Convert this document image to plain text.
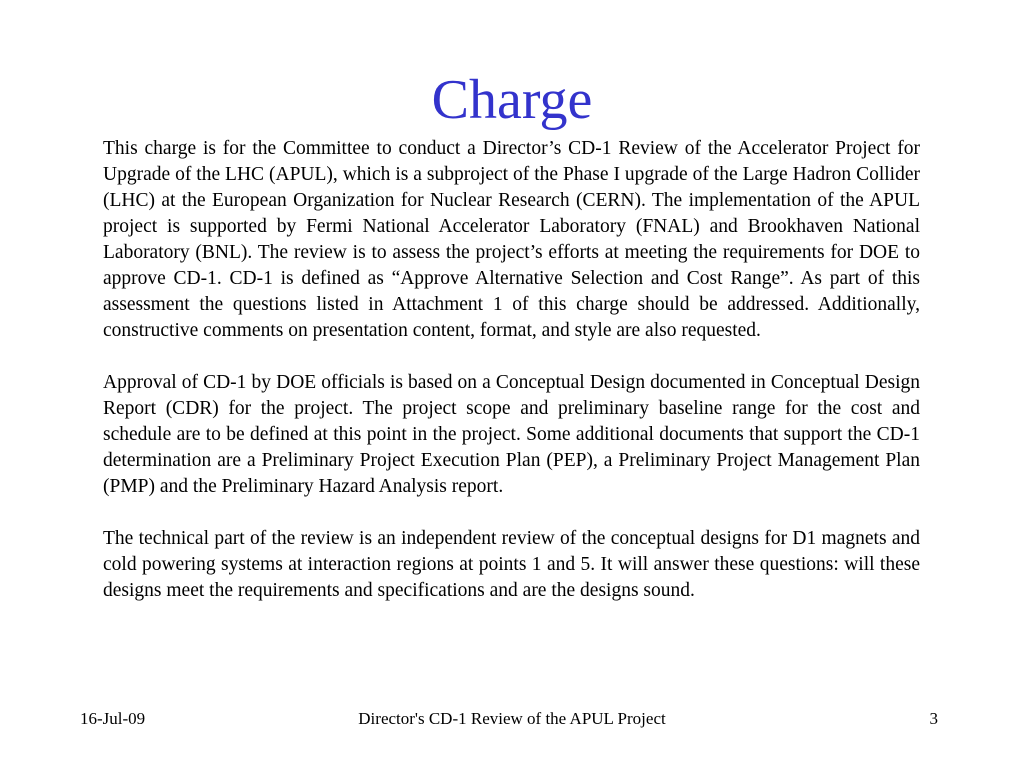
Charge

This charge is for the Committee to conduct a Director’s CD-1 Review of the Accelerator Project for Upgrade of the LHC (APUL), which is a subproject of the Phase I upgrade of the Large Hadron Collider (LHC) at the European Organization for Nuclear Research (CERN). The implementation of the APUL project is supported by Fermi National Accelerator Laboratory (FNAL) and Brookhaven National Laboratory (BNL). The review is to assess the project’s efforts at meeting the requirements for DOE to approve CD-1. CD-1 is defined as “Approve Alternative Selection and Cost Range”. As part of this assessment the questions listed in Attachment 1 of this charge should be addressed. Additionally, constructive comments on presentation content, format, and style are also requested.

Approval of CD-1 by DOE officials is based on a Conceptual Design documented in Conceptual Design Report (CDR) for the project. The project scope and preliminary baseline range for the cost and schedule are to be defined at this point in the project. Some additional documents that support the CD-1 determination are a Preliminary Project Execution Plan (PEP), a Preliminary Project Management Plan (PMP) and the Preliminary Hazard Analysis report.

The technical part of the review is an independent review of the conceptual designs for D1 magnets and cold powering systems at interaction regions at points 1 and 5. It will answer these questions: will these designs meet the requirements and specifications and are the designs sound.

16-Jul-09	Director's CD-1 Review of the APUL Project	3
